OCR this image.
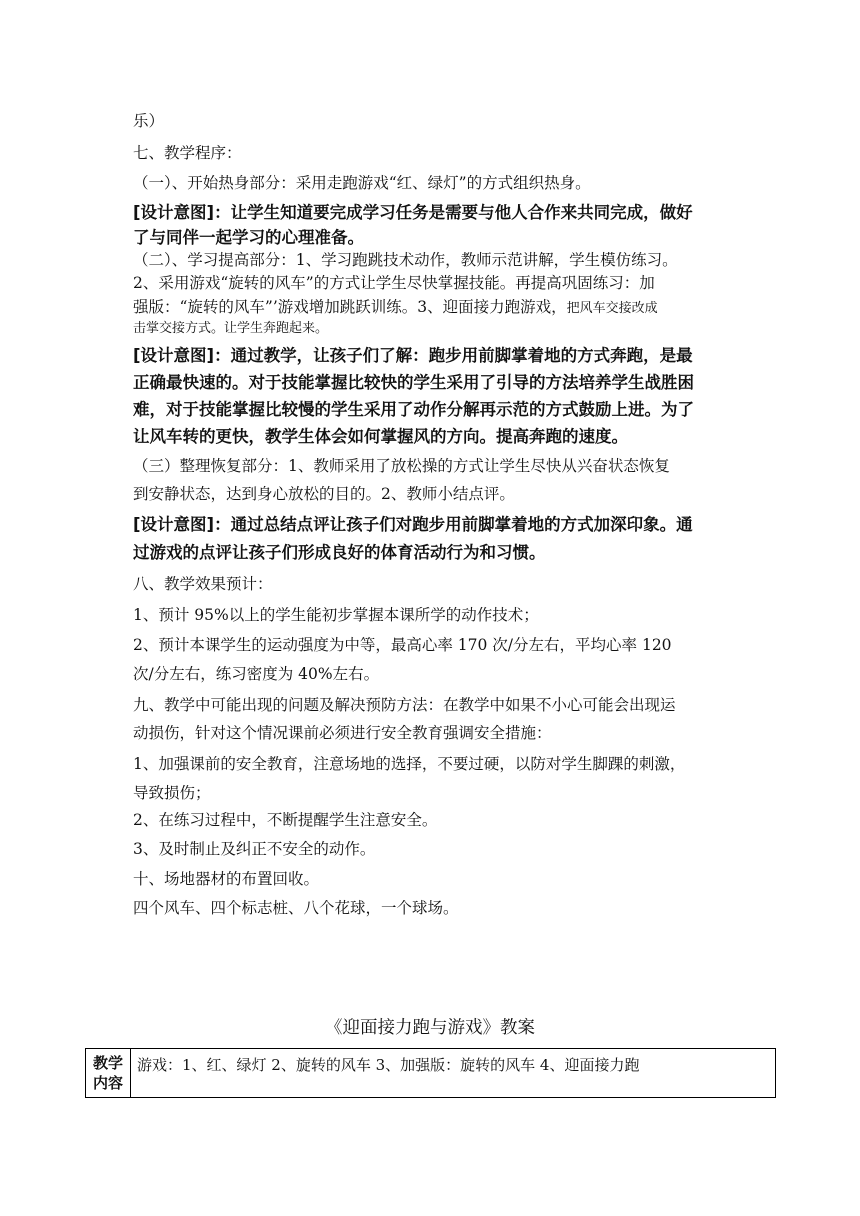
乐）
七、教学程序：
（一）、开始热身部分：采用走跑游戏“红、绿灯”的方式组织热身。
[设计意图]：让学生知道要完成学习任务是需要与他人合作来共同完成，做好
了与同伴一起学习的心理准备。
（二）、学习提高部分：1、学习跑跳技术动作，教师示范讲解，学生模仿练习。
2、采用游戏“旋转的风车”的方式让学生尽快掌握技能。再提高巩固练习：加
强版：“旋转的风车”’游戏增加跳跃训练。3、迎面接力跑游戏，把风车交接改成
击掌交接方式。让学生奔跑起来。
[设计意图]：通过教学，让孩子们了解：跑步用前脚掌着地的方式奔跑，是最
正确最快速的。对于技能掌握比较快的学生采用了引导的方法培养学生战胜困
难，对于技能掌握比较慢的学生采用了动作分解再示范的方式鼓励上进。为了
让风车转的更快，教学生体会如何掌握风的方向。提高奔跑的速度。
（三）整理恢复部分：1、教师采用了放松操的方式让学生尽快从兴奋状态恢复
到安静状态，达到身心放松的目的。2、教师小结点评。
[设计意图]：通过总结点评让孩子们对跑步用前脚掌着地的方式加深印象。通
过游戏的点评让孩子们形成良好的体育活动行为和习惯。
八、教学效果预计：
1、预计 95%以上的学生能初步掌握本课所学的动作技术；
2、预计本课学生的运动强度为中等，最高心率 170 次/分左右，平均心率 120
次/分左右，练习密度为 40%左右。
九、教学中可能出现的问题及解决预防方法：在教学中如果不小心可能会出现运
动损伤，针对这个情况课前必须进行安全教育强调安全措施：
1、加强课前的安全教育，注意场地的选择，不要过硬，以防对学生脚踝的刺激，
导致损伤；
2、在练习过程中，不断提醒学生注意安全。
3、及时制止及纠正不安全的动作。
十、场地器材的布置回收。
四个风车、四个标志桩、八个花球，一个球场。
《迎面接力跑与游戏》教案
教学
内容
	游戏：1、红、绿灯 2、旋转的风车 3、加强版：旋转的风车 4、迎面接力跑
